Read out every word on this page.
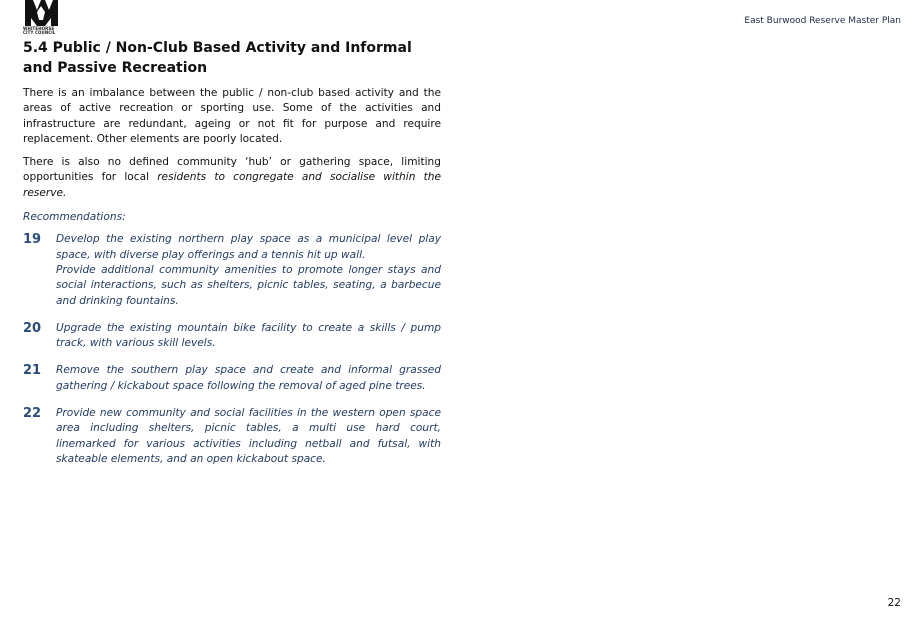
WHITEHORSE
CITY COUNCIL
East Burwood Reserve Master Plan
5.4 Public / Non-Club Based Activity and Informal and Passive Recreation

There is an imbalance between the public / non-club based activity and the areas of active recreation or sporting use. Some of the activities and infrastructure are redundant, ageing or not fit for purpose and require replacement. Other elements are poorly located.

There is also no defined community ‘hub’ or gathering space, limiting opportunities for local residents to congregate and socialise within the reserve.

Recommendations:
19	Develop the existing northern play space as a municipal level play space, with diverse play offerings and a tennis hit up wall.

Provide additional community amenities to promote longer stays and social interactions, such as shelters, picnic tables, seating, a barbecue and drinking fountains.

20	Upgrade the existing mountain bike facility to create a skills / pump track, with various skill levels.

21	Remove the southern play space and create and informal grassed gathering / kickabout space following the removal of aged pine trees.

22	Provide new community and social facilities in the western open space area including shelters, picnic tables, a multi use hard court, linemarked for various activities including netball and futsal, with skateable elements, and an open kickabout space.

22
